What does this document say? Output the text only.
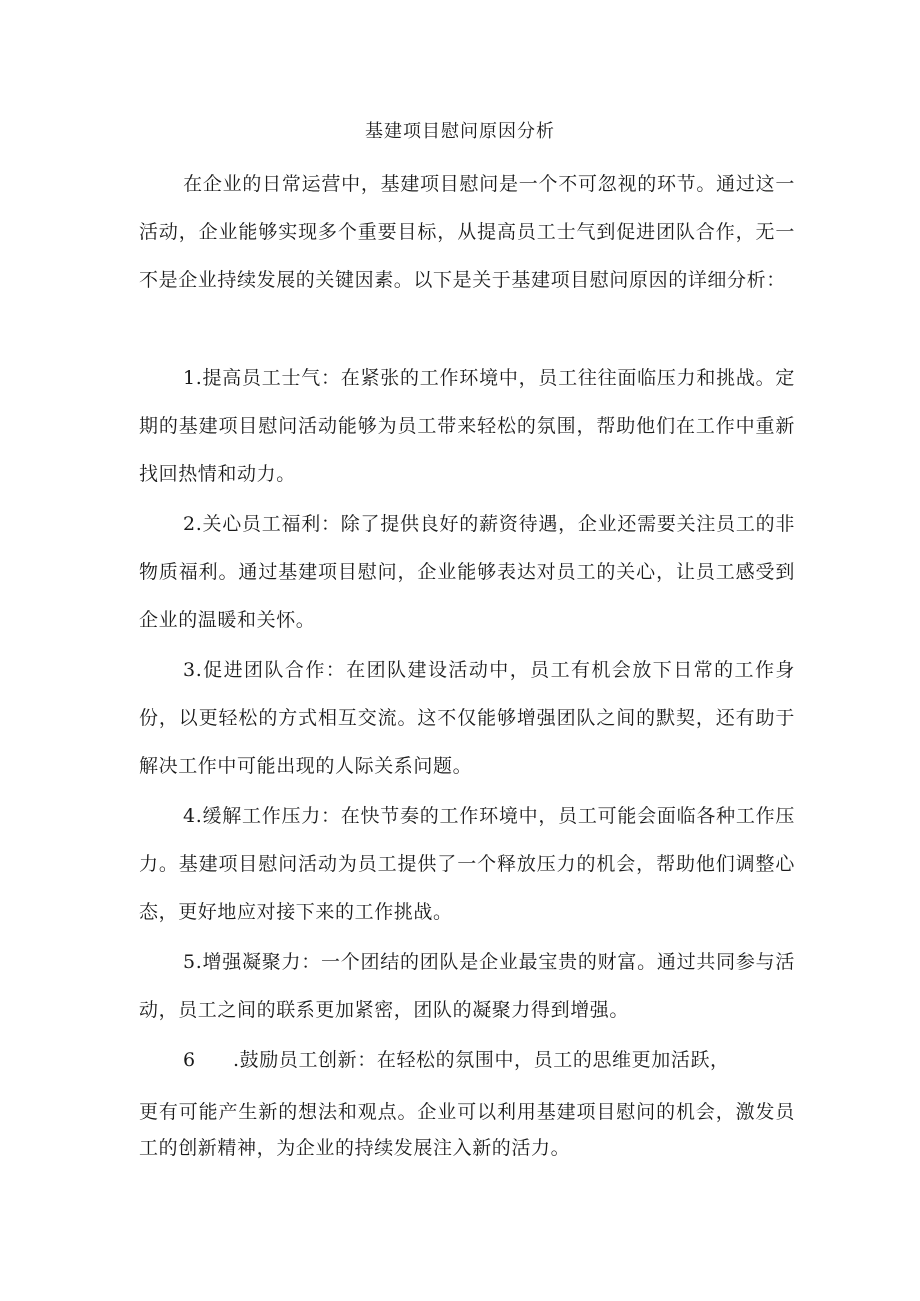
基建项目慰问原因分析

在企业的日常运营中，基建项目慰问是一个不可忽视的环节。通过这一活动，企业能够实现多个重要目标，从提高员工士气到促进团队合作，无一不是企业持续发展的关键因素。以下是关于基建项目慰问原因的详细分析：

1.提高员工士气：在紧张的工作环境中，员工往往面临压力和挑战。定期的基建项目慰问活动能够为员工带来轻松的氛围，帮助他们在工作中重新找回热情和动力。

2.关心员工福利：除了提供良好的薪资待遇，企业还需要关注员工的非物质福利。通过基建项目慰问，企业能够表达对员工的关心，让员工感受到企业的温暖和关怀。

3.促进团队合作：在团队建设活动中，员工有机会放下日常的工作身份，以更轻松的方式相互交流。这不仅能够增强团队之间的默契，还有助于解决工作中可能出现的人际关系问题。

4.缓解工作压力：在快节奏的工作环境中，员工可能会面临各种工作压力。基建项目慰问活动为员工提供了一个释放压力的机会，帮助他们调整心态，更好地应对接下来的工作挑战。

5.增强凝聚力：一个团结的团队是企业最宝贵的财富。通过共同参与活动，员工之间的联系更加紧密，团队的凝聚力得到增强。

6 .鼓励员工创新：在轻松的氛围中，员工的思维更加活跃，

更有可能产生新的想法和观点。企业可以利用基建项目慰问的机会，激发员工的创新精神，为企业的持续发展注入新的活力。
